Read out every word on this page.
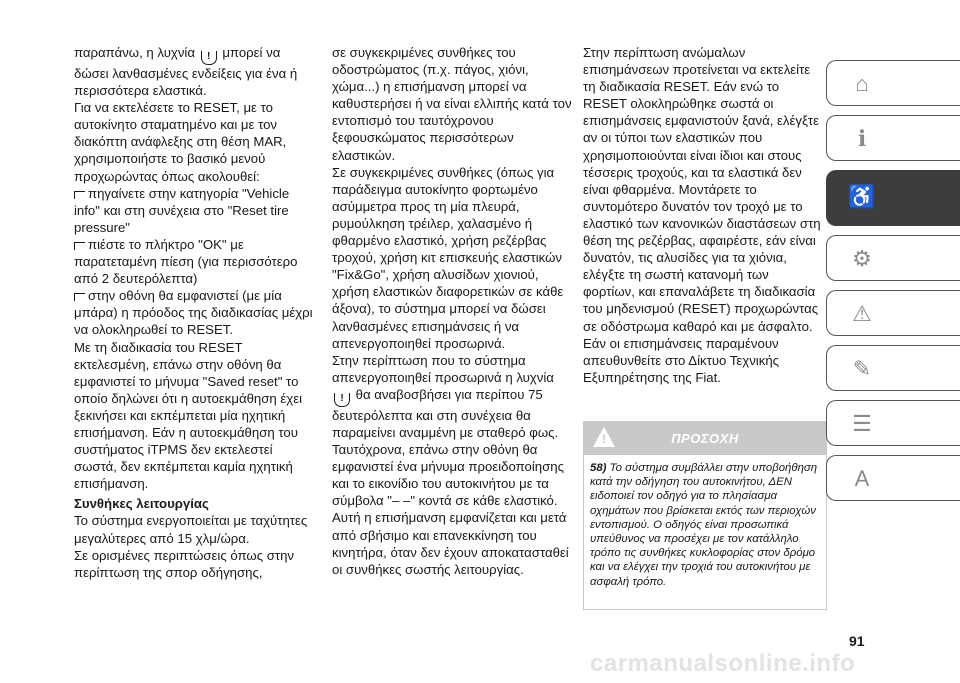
παραπάνω, η λυχνία ! μπορεί να δώσει λανθασμένες ενδείξεις για ένα ή περισσότερα ελαστικά.

Για να εκτελέσετε το RESET, με το αυτοκίνητο σταματημένο και με τον διακόπτη ανάφλεξης στη θέση MAR, χρησιμοποιήστε το βασικό μενού προχωρώντας όπως ακολουθεί:

πηγαίνετε στην κατηγορία "Vehicle info" και στη συνέχεια στο "Reset tire pressure"

πιέστε το πλήκτρο "OK" με παρατεταμένη πίεση (για περισσότερο από 2 δευτερόλεπτα)

στην οθόνη θα εμφανιστεί (με μία μπάρα) η πρόοδος της διαδικασίας μέχρι να ολοκληρωθεί το RESET.

Με τη διαδικασία του RESET εκτελεσμένη, επάνω στην οθόνη θα εμφανιστεί το μήνυμα "Saved reset" το οποίο δηλώνει ότι η αυτοεκμάθηση έχει ξεκινήσει και εκπέμπεται μία ηχητική επισήμανση. Εάν η αυτοεκμάθηση του συστήματος iTPMS δεν εκτελεστεί σωστά, δεν εκπέμπεται καμία ηχητική επισήμανση.

Συνθήκες λειτουργίας

Το σύστημα ενεργοποιείται με ταχύτητες μεγαλύτερες από 15 χλμ/ώρα.

Σε ορισμένες περιπτώσεις όπως στην περίπτωση της σπορ οδήγησης,

σε συγκεκριμένες συνθήκες του οδοστρώματος (π.χ. πάγος, χιόνι, χώμα...) η επισήμανση μπορεί να καθυστερήσει ή να είναι ελλιπής κατά τον εντοπισμό του ταυτόχρονου ξεφουσκώματος περισσότερων ελαστικών.

Σε συγκεκριμένες συνθήκες (όπως για παράδειγμα αυτοκίνητο φορτωμένο ασύμμετρα προς τη μία πλευρά, ρυμούλκηση τρέιλερ, χαλασμένο ή φθαρμένο ελαστικό, χρήση ρεζέρβας τροχού, χρήση κιτ επισκευής ελαστικών "Fix&Go", χρήση αλυσίδων χιονιού, χρήση ελαστικών διαφορετικών σε κάθε άξονα), το σύστημα μπορεί να δώσει λανθασμένες επισημάνσεις ή να απενεργοποιηθεί προσωρινά.

Στην περίπτωση που το σύστημα απενεργοποιηθεί προσωρινά η λυχνία ! θα αναβοσβήσει για περίπου 75 δευτερόλεπτα και στη συνέχεια θα παραμείνει αναμμένη με σταθερό φως. Ταυτόχρονα, επάνω στην οθόνη θα εμφανιστεί ένα μήνυμα προειδοποίησης και το εικονίδιο του αυτοκινήτου με τα σύμβολα "– –" κοντά σε κάθε ελαστικό.

Αυτή η επισήμανση εμφανίζεται και μετά από σβήσιμο και επανεκκίνηση του κινητήρα, όταν δεν έχουν αποκατασταθεί οι συνθήκες σωστής λειτουργίας.

Στην περίπτωση ανώμαλων επισημάνσεων προτείνεται να εκτελείτε τη διαδικασία RESET. Εάν ενώ το RESET ολοκληρώθηκε σωστά οι επισημάνσεις εμφανιστούν ξανά, ελέγξτε αν οι τύποι των ελαστικών που χρησιμοποιούνται είναι ίδιοι και στους τέσσερις τροχούς, και τα ελαστικά δεν είναι φθαρμένα. Μοντάρετε το συντομότερο δυνατόν τον τροχό με το ελαστικό των κανονικών διαστάσεων στη θέση της ρεζέρβας, αφαιρέστε, εάν είναι δυνατόν, τις αλυσίδες για τα χιόνια, ελέγξτε τη σωστή κατανομή των φορτίων, και επαναλάβετε τη διαδικασία του μηδενισμού (RESET) προχωρώντας σε οδόστρωμα καθαρό και με άσφαλτο. Εάν οι επισημάνσεις παραμένουν απευθυνθείτε στο Δίκτυο Τεχνικής Εξυπηρέτησης της Fiat.

!	ΠΡΟΣΟΧΗ
58) Το σύστημα συμβάλλει στην υποβοήθηση κατά την οδήγηση του αυτοκινήτου, ΔΕΝ ειδοποιεί τον οδηγό για το πλησίασμα οχημάτων που βρίσκεται εκτός των περιοχών εντοπισμού. Ο οδηγός είναι προσωπικά υπεύθυνος να προσέχει με τον κατάλληλο τρόπο τις συνθήκες κυκλοφορίας στον δρόμο και να ελέγχει την τροχιά του αυτοκινήτου με ασφαλή τρόπο.
⌂
ℹ
♿
⚙
⚠
✎
☰
A
91
carmanualsonline.info
